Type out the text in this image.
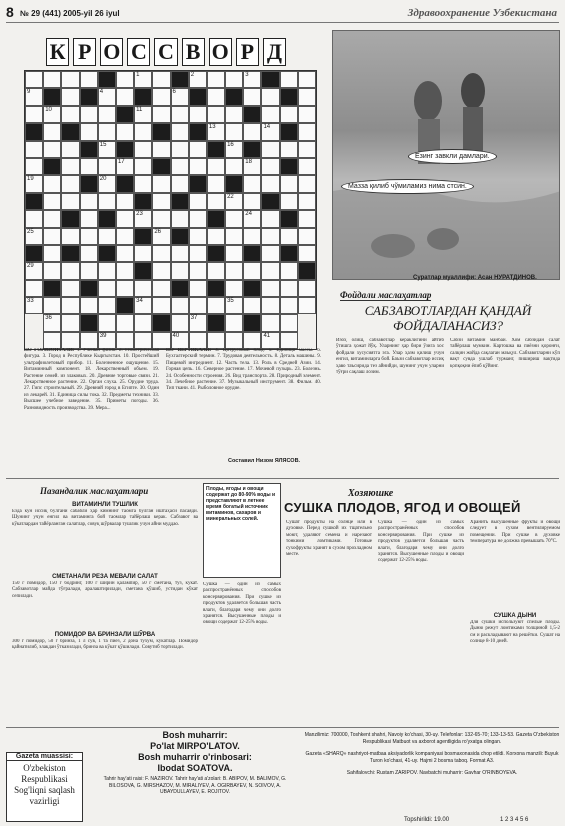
8 № 29 (441) 2005-yil 26 iyul	Здравоохранение Узбекистана
К Р О С С В О Р Д
1	2	3
9	4	6
10	11
13	14
15	16
17	18
19	20
22
23	24
25	26
29
33	34	35
36	37
39	40	41
ПО ГОРИЗОНТАЛИ: 1. Ученый физик. 2. Геометрическая фигура. 3. Город в Республике Кыргызстан. 10. Простейший ультрафиолетовый прибор. 11. Болезненное ощущение. 15. Витаминный компонент. 18. Лекарственный объем. 19. Растение семей. из злаковых. 20. Древние торговые связи. 21. Лекарственное растение. 22. Орган слуха. 25. Орудие труда. 27. Гипс строительный. 29. Древний город в Египте. 30. Один из лекарей. 31. Единица силы тока. 32. Предметы техники. 33. Высшее учебное заведение. 35. Приметы погоды. 36. Разновидность производства. 39. Мера...
ПО ВЕРТИКАЛИ: 4. Цитрусовый плод. 5. Единица массы. 6. Бухгалтерский термин. 7. Трудовая деятельность. 8. Деталь машины. 9. Пищевой ингредиент. 12. Часть тела. 13. Роль в Средней Азии. 14. Горная цепь. 16. Северное растение. 17. Мочевой пузырь. 23. Болезнь. 24. Особенности строения. 26. Вид транспорта. 28. Природный элемент. 34. Лечебное растение. 37. Музыкальный инструмент. 38. Фильм. 40. Тип ткани. 41. Рыболовное орудие.
Составил Низом ЯЛЯСОВ.
Езинг завкли дамлари.
Мазза қилиб чўмиламиз нима стсин.
Суратлар муаллифи: Асан НУРАТДИНОВ.
Фойдали маслаҳатлар
САБЗАВОТЛАРДАН ҚАНДАЙ ФОЙДАЛАНАСИЗ?
Изоҳ олиш, сабзавотлар кераклигини айтиб ўтишга ҳожат йўқ. Уларнинг ҳар бири ўзига хос фойдали хусусиятга эга. Улар ҳазм қилиш учун енгил, витаминларга бой. Баъзи сабзавотлар иссиқ ҳаво таъсирида тез айнийди, шунинг учун уларни тўғри сақлаш лозим.
Сабзи витамин манбаи. Хом сабзидан салат тайёрлаш мумкин. Картошка ва пиёзни қоронғи, салқин жойда сақлаган маъқул. Сабзавотларни кўп вақт сувда ушлаб турманг, пишириш вақтида қопқоқни ёпиб қўйинг.
Пазандалик маслаҳатлари
ВИТАМИНЛИ ТУШЛИК
Ёзда кун иссиқ бўлгани сабабли ҳар кимнинг таомга бўлган иштаҳаси пасаяди. Шунинг учун енгил ва витаминга бой таомлар тайёрлаш керак. Сабзавот ва кўкатлардан тайёрланган салатлар, совуқ шўрвалар тушлик учун айни муддао.
СМЕТАНАЛИ РЕЗА МЕВАЛИ САЛАТ
150 г помидор, 150 г бодринг, 100 г ширин қалампир, 50 г сметана, туз, кўкат. Сабзавотлар майда тўғралади, аралаштирилади, сметана қўшиб, устидан кўкат сепилади.
ПОМИДОР ВА БРИНЗАЛИ ШЎРВА
300 г помидор, 50 г бринза, 1 л сув, 1 та пиёз, 2 дона тухум, кўкатлар. Помидор қайнатилиб, элакдан ўтказилади, бринза ва кўкат қўшилади. Совутиб тортилади.

Плоды, ягоды и овощи содержат до 80-90% воды и представляют в летнее время богатый источник витаминов, сахаров и минеральных солей.

Сушка — один из самых распространённых способов консервирования. При сушке из продуктов удаляется большая часть влаги, благодаря чему они долго хранятся. Высушенные плоды и овощи содержат 12-25% воды.
Хозяюшке
СУШКА ПЛОДОВ, ЯГОД И ОВОЩЕЙ
Сушат продукты на солнце или в духовке. Перед сушкой их тщательно моют, удаляют семена и нарезают тонкими ломтиками. Готовые сухофрукты хранят в сухом прохладном месте.
Сушка — один из самых распространённых способов консервирования. При сушке из продуктов удаляется большая часть влаги, благодаря чему они долго хранятся. Высушенные плоды и овощи содержат 12-25% воды.
Хранить высушенные фрукты и овощи следует в сухом вентилируемом помещении. При сушке в духовке температура не должна превышать 70°С.
СУШКА ДЫНИ
Для сушки используют спелые плоды. Дыню режут ломтиками толщиной 1,5-2 см и раскладывают на решётки. Сушат на солнце 8-10 дней.
Gazeta muassisi:
O'zbekiston Respublikasi Sog'liqni saqlash vazirligi
Bosh muharrir:
Po'lat MIRPO'LATOV.
Bosh muharrir o'rinbosari:
Ibodat SOATOVA.
Tahrir hay'ati raisi: F. NAZIROV. Tahrir hay'ati a'zolari: B. ABIPOV, M. BALIMOV, G. BILOSOVA, G. MIRSHAZOV, M. MIRALIYEV, A. OGIRBAYEV, N. SOIVOV, A. UBAYDULLAYEV, E. ROJITOV.
Manzilimiz: 700000, Toshkent shahri, Navoiy ko'chasi, 30-uy. Telefonlar: 132-65-70; 133-13-53. Gazeta O'zbekiston Respublikasi Matbuot va axborot agentligida ro'yxatga olingan.
Gazeta «SHARQ» nashriyot-matbaa aksiyadorlik kompaniyasi bosmaxonasida chop etildi. Korxona manzili: Buyuk Turon ko'chasi, 41-uy. Hajmi 2 bosma taboq. Format A3.
Sahifalovchi: Rustam ZARIPOV. Navbatchi muharrir: Gavhar O'RINBOYEVA.
Topshirildi: 19.00	1 2 3 4 5 6
